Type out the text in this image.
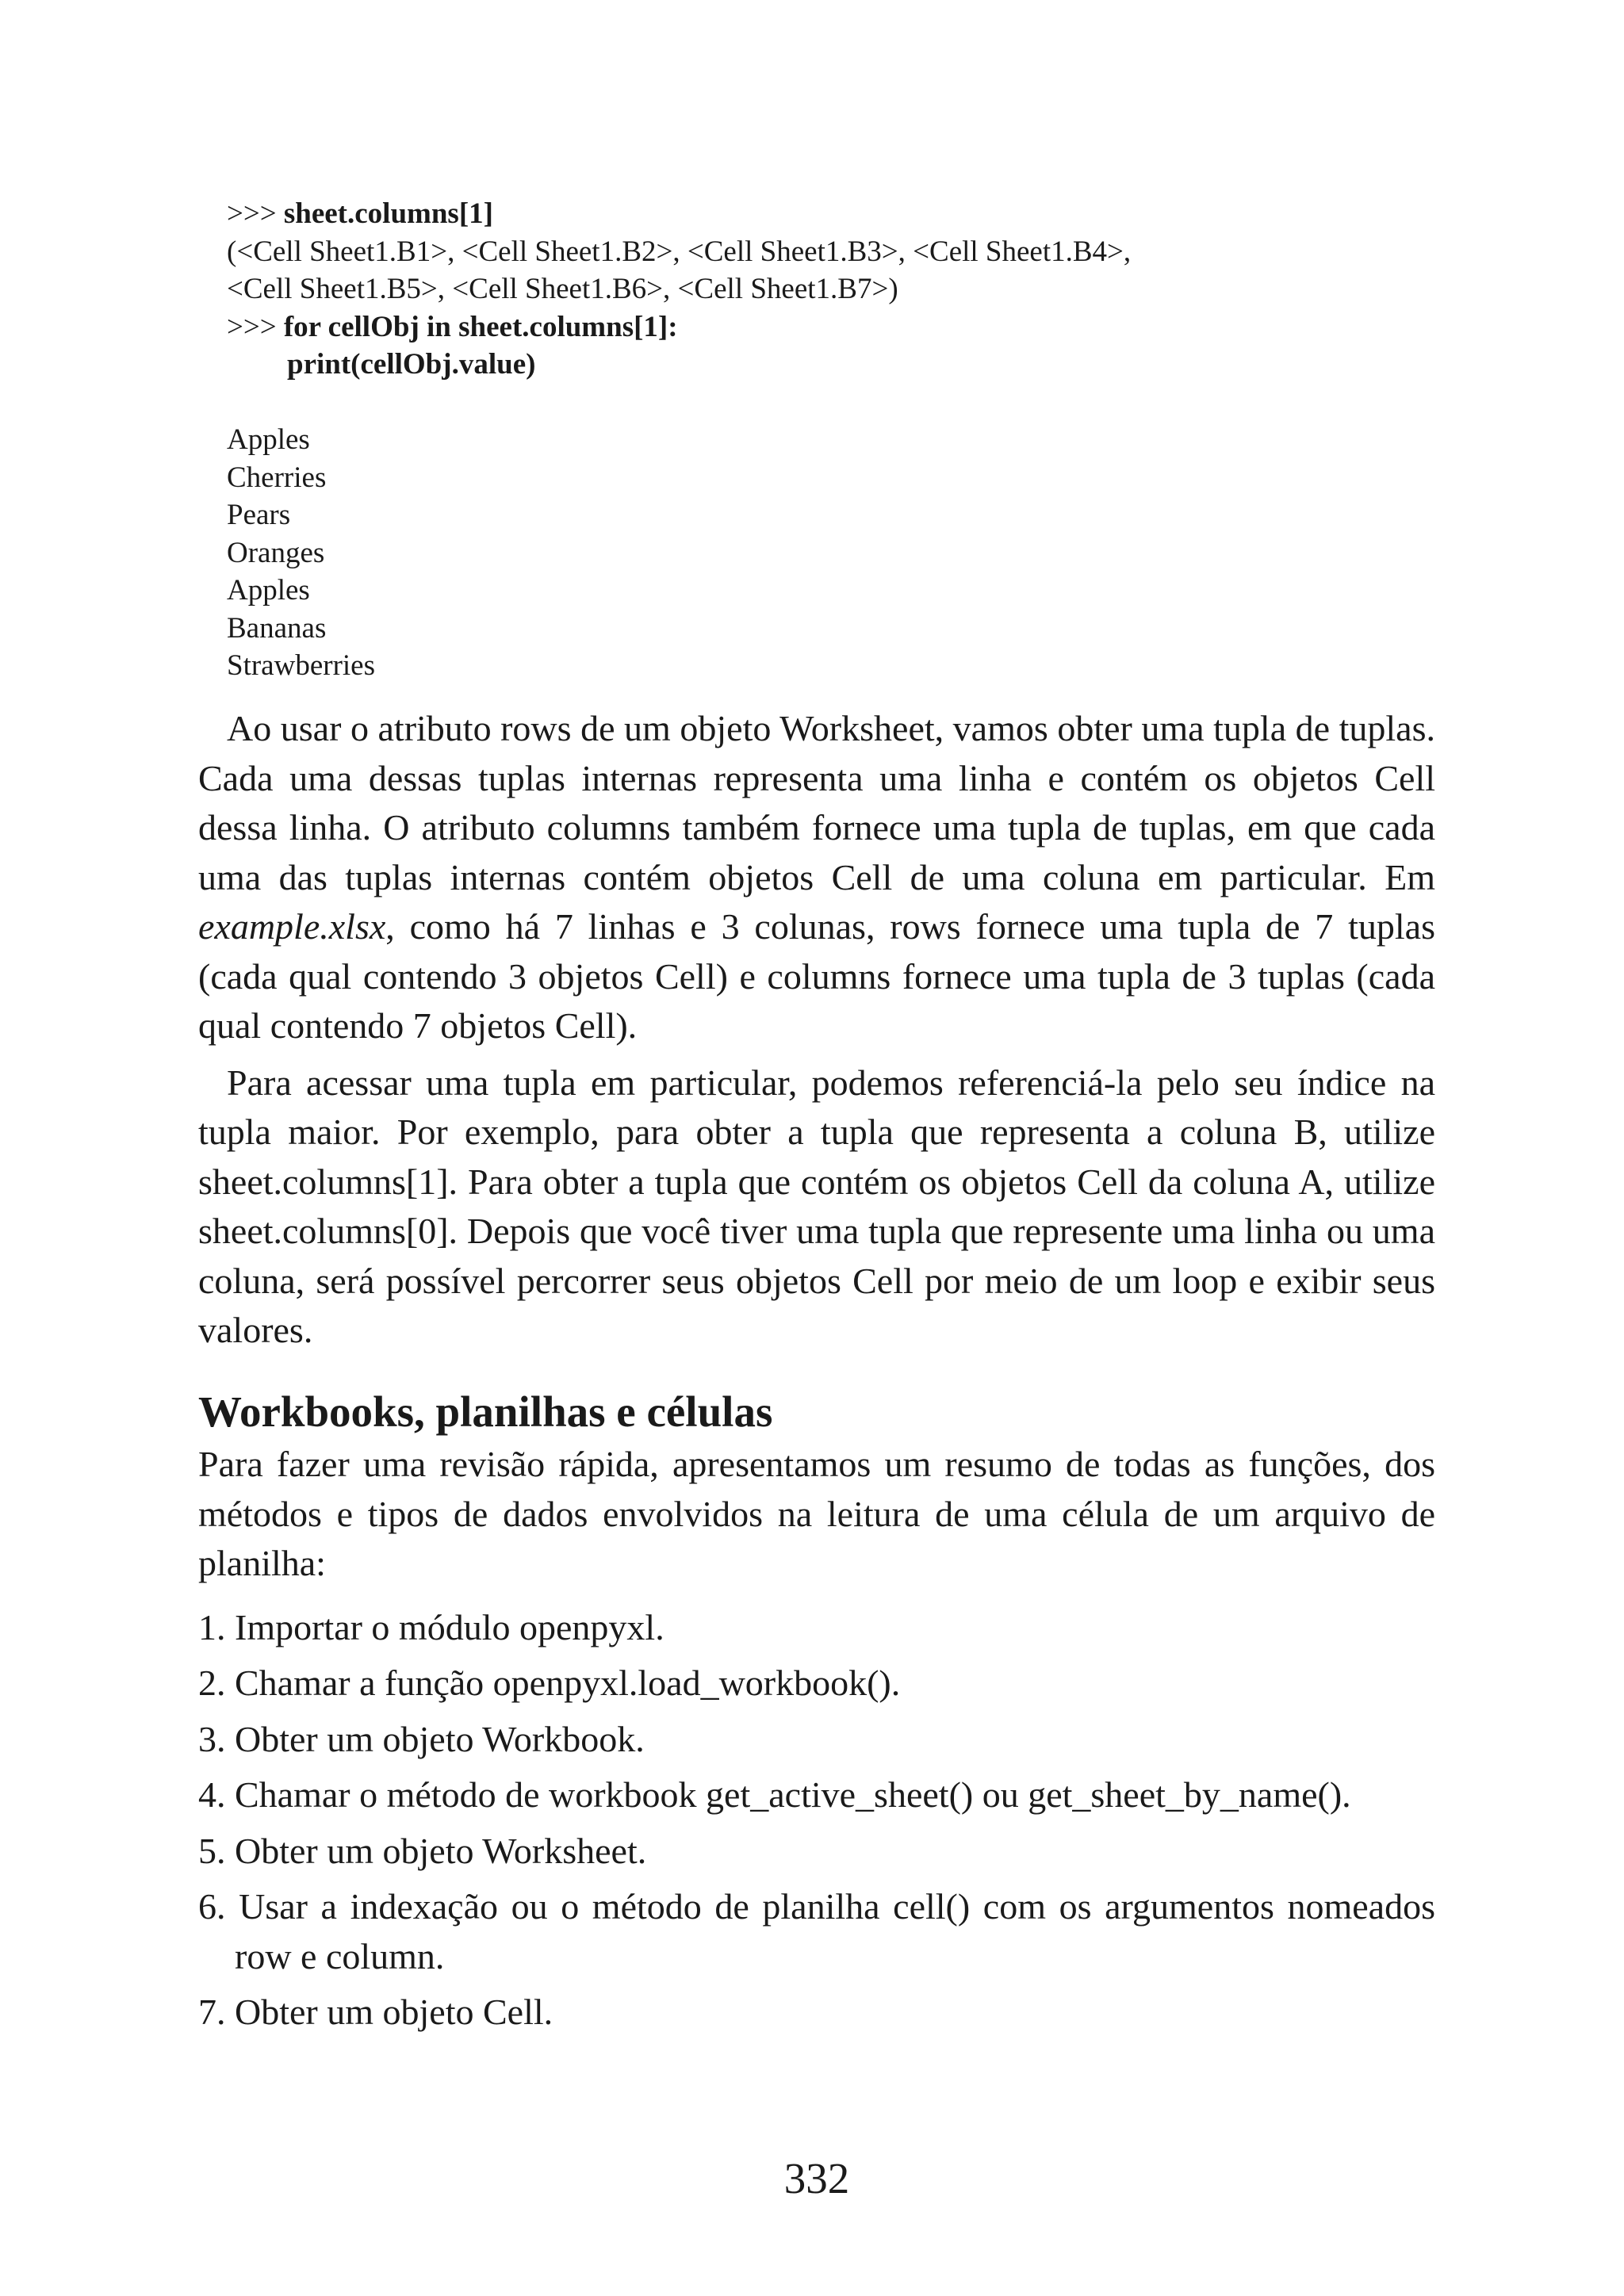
>>> sheet.columns[1]
(<Cell Sheet1.B1>, <Cell Sheet1.B2>, <Cell Sheet1.B3>, <Cell Sheet1.B4>,
<Cell Sheet1.B5>, <Cell Sheet1.B6>, <Cell Sheet1.B7>)
>>> for cellObj in sheet.columns[1]:
print(cellObj.value)
Apples
Cherries
Pears
Oranges
Apples
Bananas
Strawberries

Ao usar o atributo rows de um objeto Worksheet, vamos obter uma tupla de tuplas. Cada uma dessas tuplas internas representa uma linha e contém os objetos Cell dessa linha. O atributo columns também fornece uma tupla de tuplas, em que cada uma das tuplas internas contém objetos Cell de uma coluna em particular. Em example.xlsx, como há 7 linhas e 3 colunas, rows fornece uma tupla de 7 tuplas (cada qual contendo 3 objetos Cell) e columns fornece uma tupla de 3 tuplas (cada qual contendo 7 objetos Cell).

Para acessar uma tupla em particular, podemos referenciá-la pelo seu índice na tupla maior. Por exemplo, para obter a tupla que representa a coluna B, utilize sheet.columns[1]. Para obter a tupla que contém os objetos Cell da coluna A, utilize sheet.columns[0]. Depois que você tiver uma tupla que represente uma linha ou uma coluna, será possível percorrer seus objetos Cell por meio de um loop e exibir seus valores.

Workbooks, planilhas e células

Para fazer uma revisão rápida, apresentamos um resumo de todas as funções, dos métodos e tipos de dados envolvidos na leitura de uma célula de um arquivo de planilha:

1. Importar o módulo openpyxl.
2. Chamar a função openpyxl.load_workbook().
3. Obter um objeto Workbook.
4. Chamar o método de workbook get_active_sheet() ou get_sheet_by_name().
5. Obter um objeto Worksheet.
6. Usar a indexação ou o método de planilha cell() com os argumentos nomeados row e column.
7. Obter um objeto Cell.
332
